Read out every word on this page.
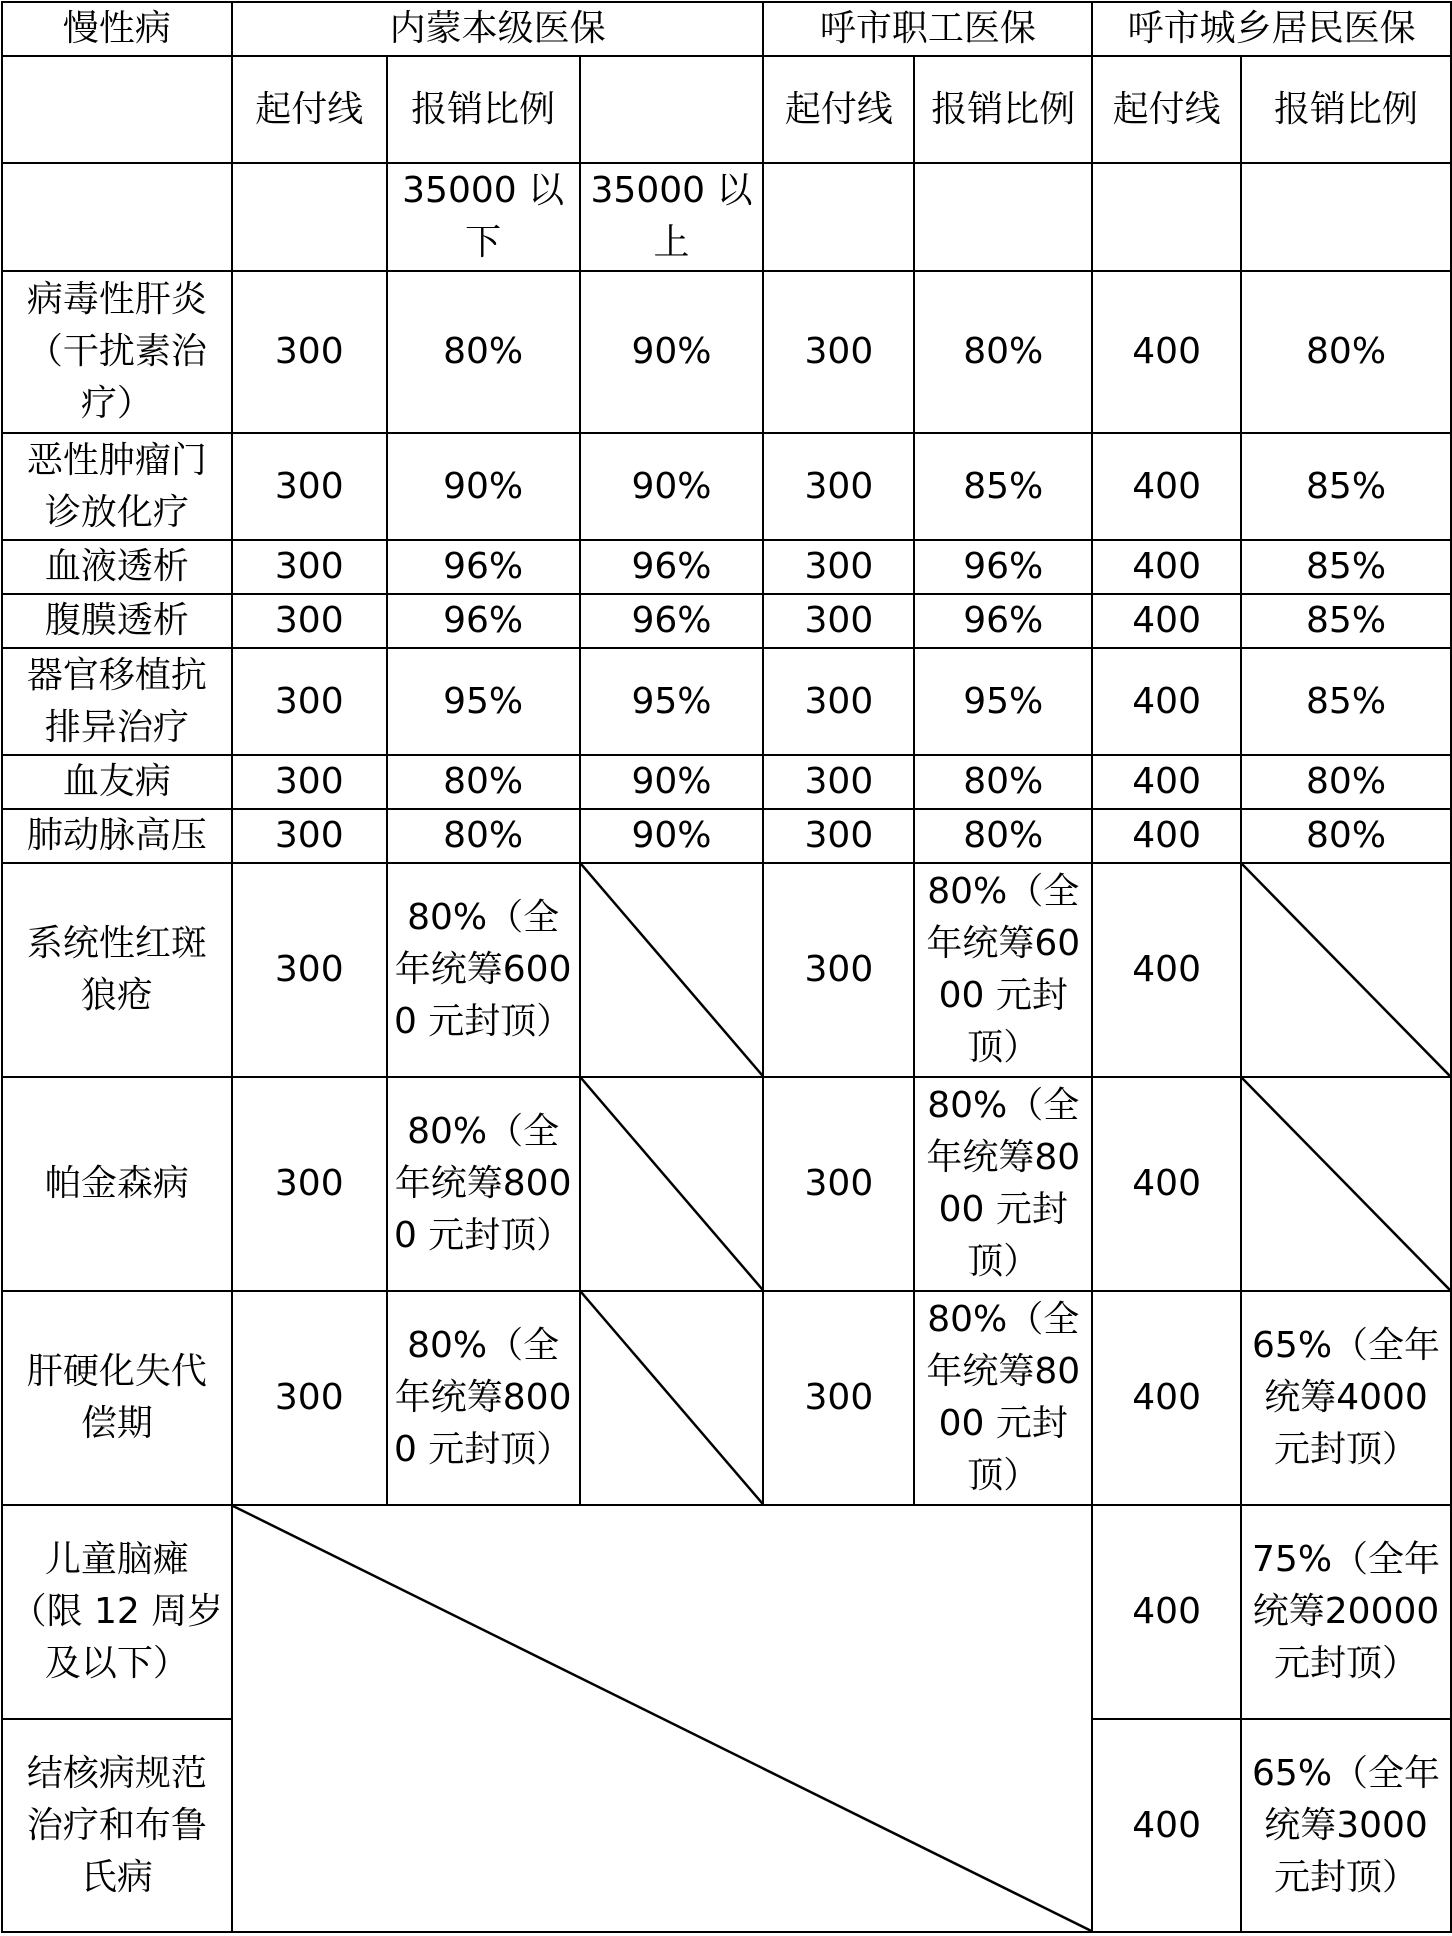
慢性病	内蒙本级医保			呼市职工医保		呼市城乡居民医保	
	起付线	报销比例		起付线	报销比例	起付线	报销比例
		35000 以下	35000 以上				
病毒性肝炎（干扰素治疗）	300	80%	90%	300	80%	400	80%
恶性肿瘤门诊放化疗	300	90%	90%	300	85%	400	85%
血液透析	300	96%	96%	300	96%	400	85%
腹膜透析	300	96%	96%	300	96%	400	85%
器官移植抗排异治疗	300	95%	95%	300	95%	400	85%
血友病	300	80%	90%	300	80%	400	80%
肺动脉高压	300	80%	90%	300	80%	400	80%
系统性红斑狼疮	300	80%（全年统筹6000 元封顶）		300	80%（全年统筹6000 元封顶）	400	

帕金森病	300	80%（全年统筹8000 元封顶）		300	80%（全年统筹8000 元封顶）	400	

肝硬化失代偿期	300	80%（全年统筹8000 元封顶）		300	80%（全年统筹8000 元封顶）	400	65%（全年统筹4000 元封顶）
儿童脑瘫（限 12 周岁及以下）						400	75%（全年统筹20000 元封顶）
结核病规范治疗和布鲁氏病						400	65%（全年统筹3000 元封顶）
